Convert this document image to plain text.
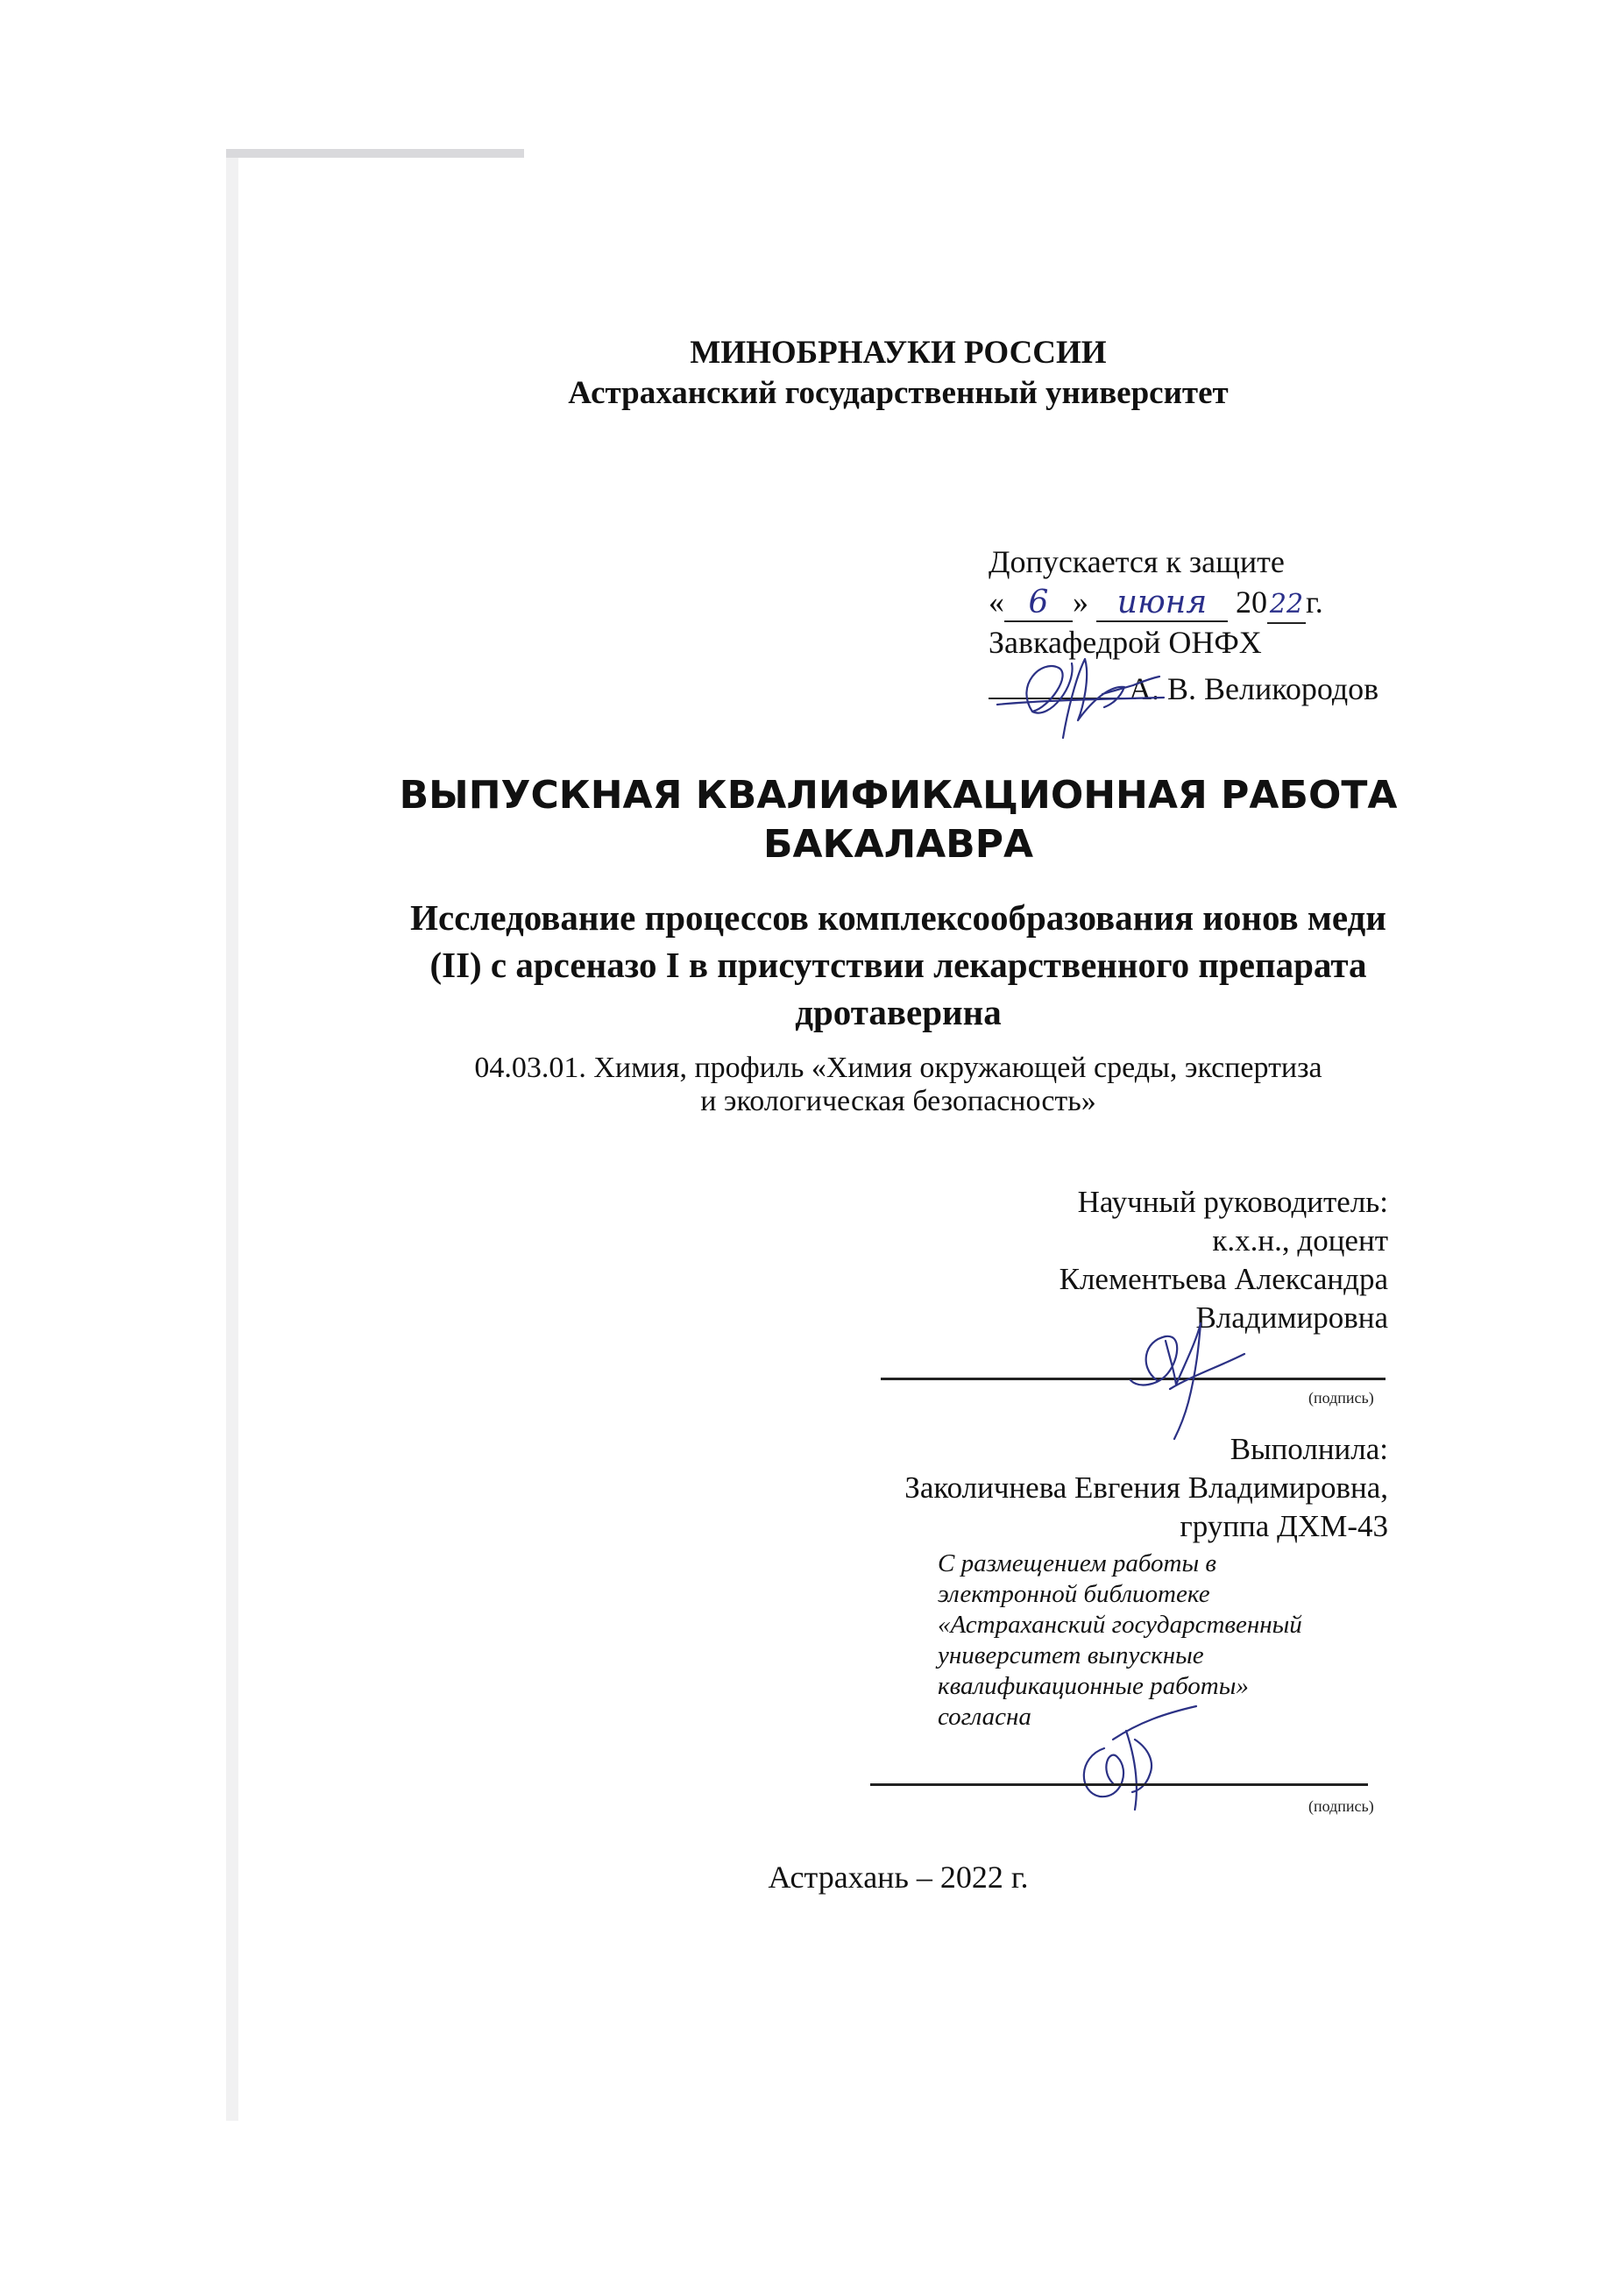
МИНОБРНАУКИ РОССИИ
Астраханский государственный университет
Допускается к защите
« 6 » июня 2022г.
Завкафедрой ОНФХ
А. В. Великородов
ВЫПУСКНАЯ КВАЛИФИКАЦИОННАЯ РАБОТА
БАКАЛАВРА
Исследование процессов комплексообразования ионов меди
(II) с арсеназо I в присутствии лекарственного препарата
дротаверина
04.03.01. Химия, профиль «Химия окружающей среды, экспертиза
и экологическая безопасность»
Научный руководитель:
к.х.н., доцент
Клементьева Александра
Владимировна
(подпись)
Выполнила:
Заколичнева Евгения Владимировна,
группа ДХМ-43
С размещением работы в
электронной библиотеке
«Астраханский государственный
университет выпускные
квалификационные работы»
согласна
(подпись)
Астрахань – 2022 г.
